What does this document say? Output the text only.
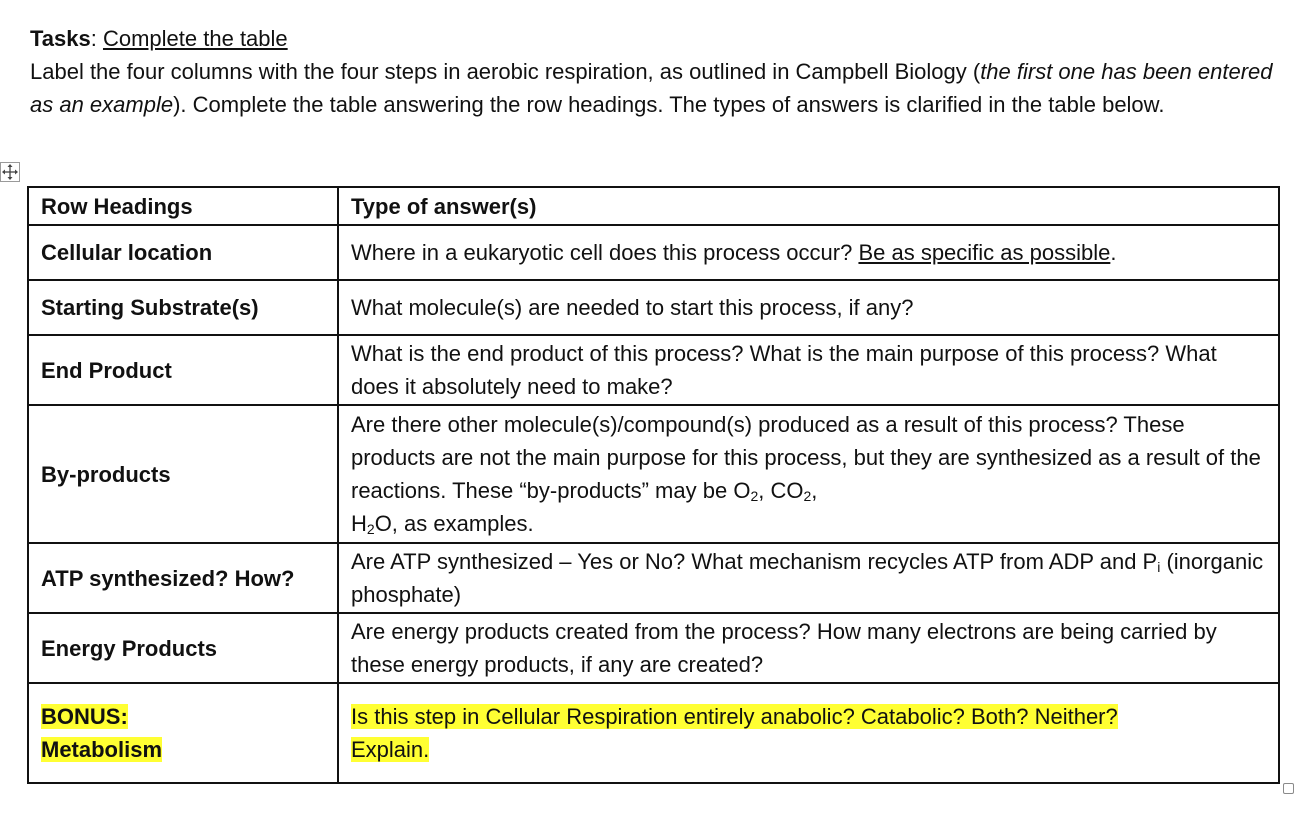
Tasks: Complete the table

Label the four columns with the four steps in aerobic respiration, as outlined in Campbell Biology (the first one has been entered as an example). Complete the table answering the row headings. The types of answers is clarified in the table below.

Row Headings	Type of answer(s)
Cellular location	Where in a eukaryotic cell does this process occur? Be as specific as possible.
Starting Substrate(s)	What molecule(s) are needed to start this process, if any?
End Product	What is the end product of this process? What is the main purpose of this process? What does it absolutely need to make?
By-products	Are there other molecule(s)/compound(s) produced as a result of this process? These products are not the main purpose for this process, but they are synthesized as a result of the reactions. These “by-products” may be $O_2$, $CO_2$,
$H_2O$, as examples.
ATP synthesized? How?	Are ATP synthesized – Yes or No? What mechanism recycles ATP from ADP and $P_i$ (inorganic phosphate)
Energy Products	Are energy products created from the process? How many electrons are being carried by these energy products, if any are created?
BONUS:
Metabolism	Is this step in Cellular Respiration entirely anabolic? Catabolic? Both? Neither?
Explain.
